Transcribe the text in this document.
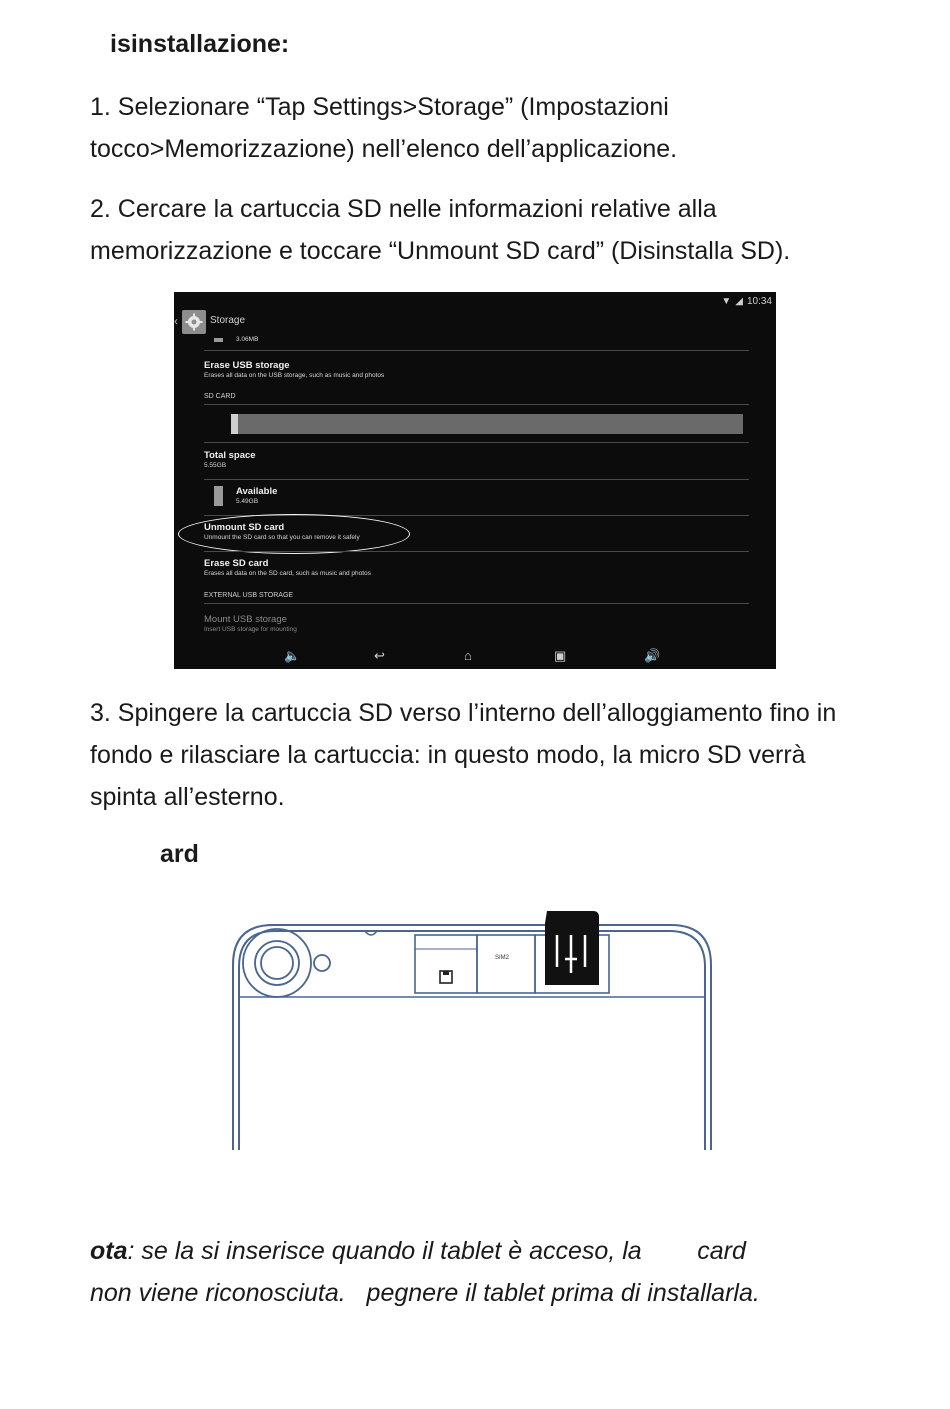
isinstallazione:

1. Selezionare “Tap Settings>Storage” (Impostazioni tocco>Memorizzazione) nell’elenco dell’applicazione.

2. Cercare la cartuccia SD nelle informazioni relative alla memorizzazione e toccare “Unmount SD card” (Disinstalla SD).

▼ ◢ 10:34
‹	Storage
3.06MB
Erase USB storage
Erases all data on the USB storage, such as music and photos
SD CARD
Total space
5.55GB
Available
5.49GB
Unmount SD card
Unmount the SD card so that you can remove it safely
Erase SD card
Erases all data on the SD card, such as music and photos
EXTERNAL USB STORAGE
Mount USB storage
Insert USB storage for mounting
🔈	↩	⌂	▣	🔊

3. Spingere la cartuccia SD verso l’interno dell’alloggiamento fino in fondo e rilasciare la cartuccia: in questo modo, la micro SD verrà spinta all’esterno.

ard

SIM2

ota: se la si inserisce quando il tablet è acceso, la        card
non viene riconosciuta.   pegnere il tablet prima di installarla.
